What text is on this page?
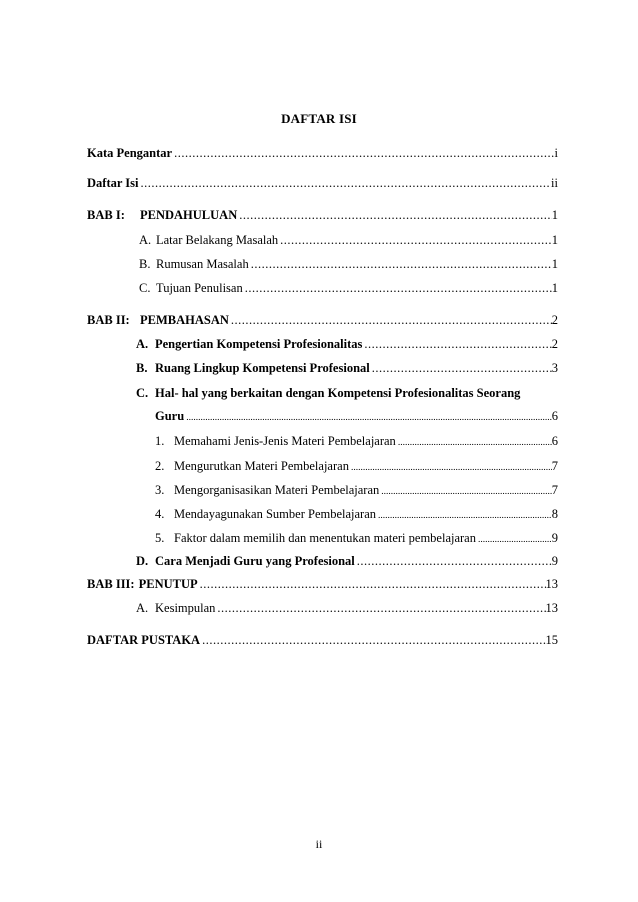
DAFTAR ISI
Kata Pengantar .....	i
Daftar Isi .....	ii
BAB I:	PENDAHULUAN .....	1
A. Latar Belakang Masalah .....	1
B. Rumusan Masalah .....	1
C. Tujuan Penulisan .....	1
BAB II: PEMBAHASAN .....	2
A. Pengertian Kompetensi Profesionalitas .....	2
B. Ruang Lingkup Kompetensi Profesional .....	3
C. Hal- hal yang berkaitan dengan Kompetensi Profesionalitas Seorang
Guru .....	6
1. Memahami Jenis-Jenis Materi Pembelajaran .....	6
2. Mengurutkan Materi Pembelajaran .....	7
3. Mengorganisasikan Materi Pembelajaran .....	7
4. Mendayagunakan Sumber Pembelajaran .....	8
5. Faktor dalam memilih dan menentukan materi pembelajaran .....	9
D. Cara Menjadi Guru yang Profesional .....	9
BAB III: PENUTUP .....	13
A. Kesimpulan .....	13
DAFTAR PUSTAKA .....	15
ii
